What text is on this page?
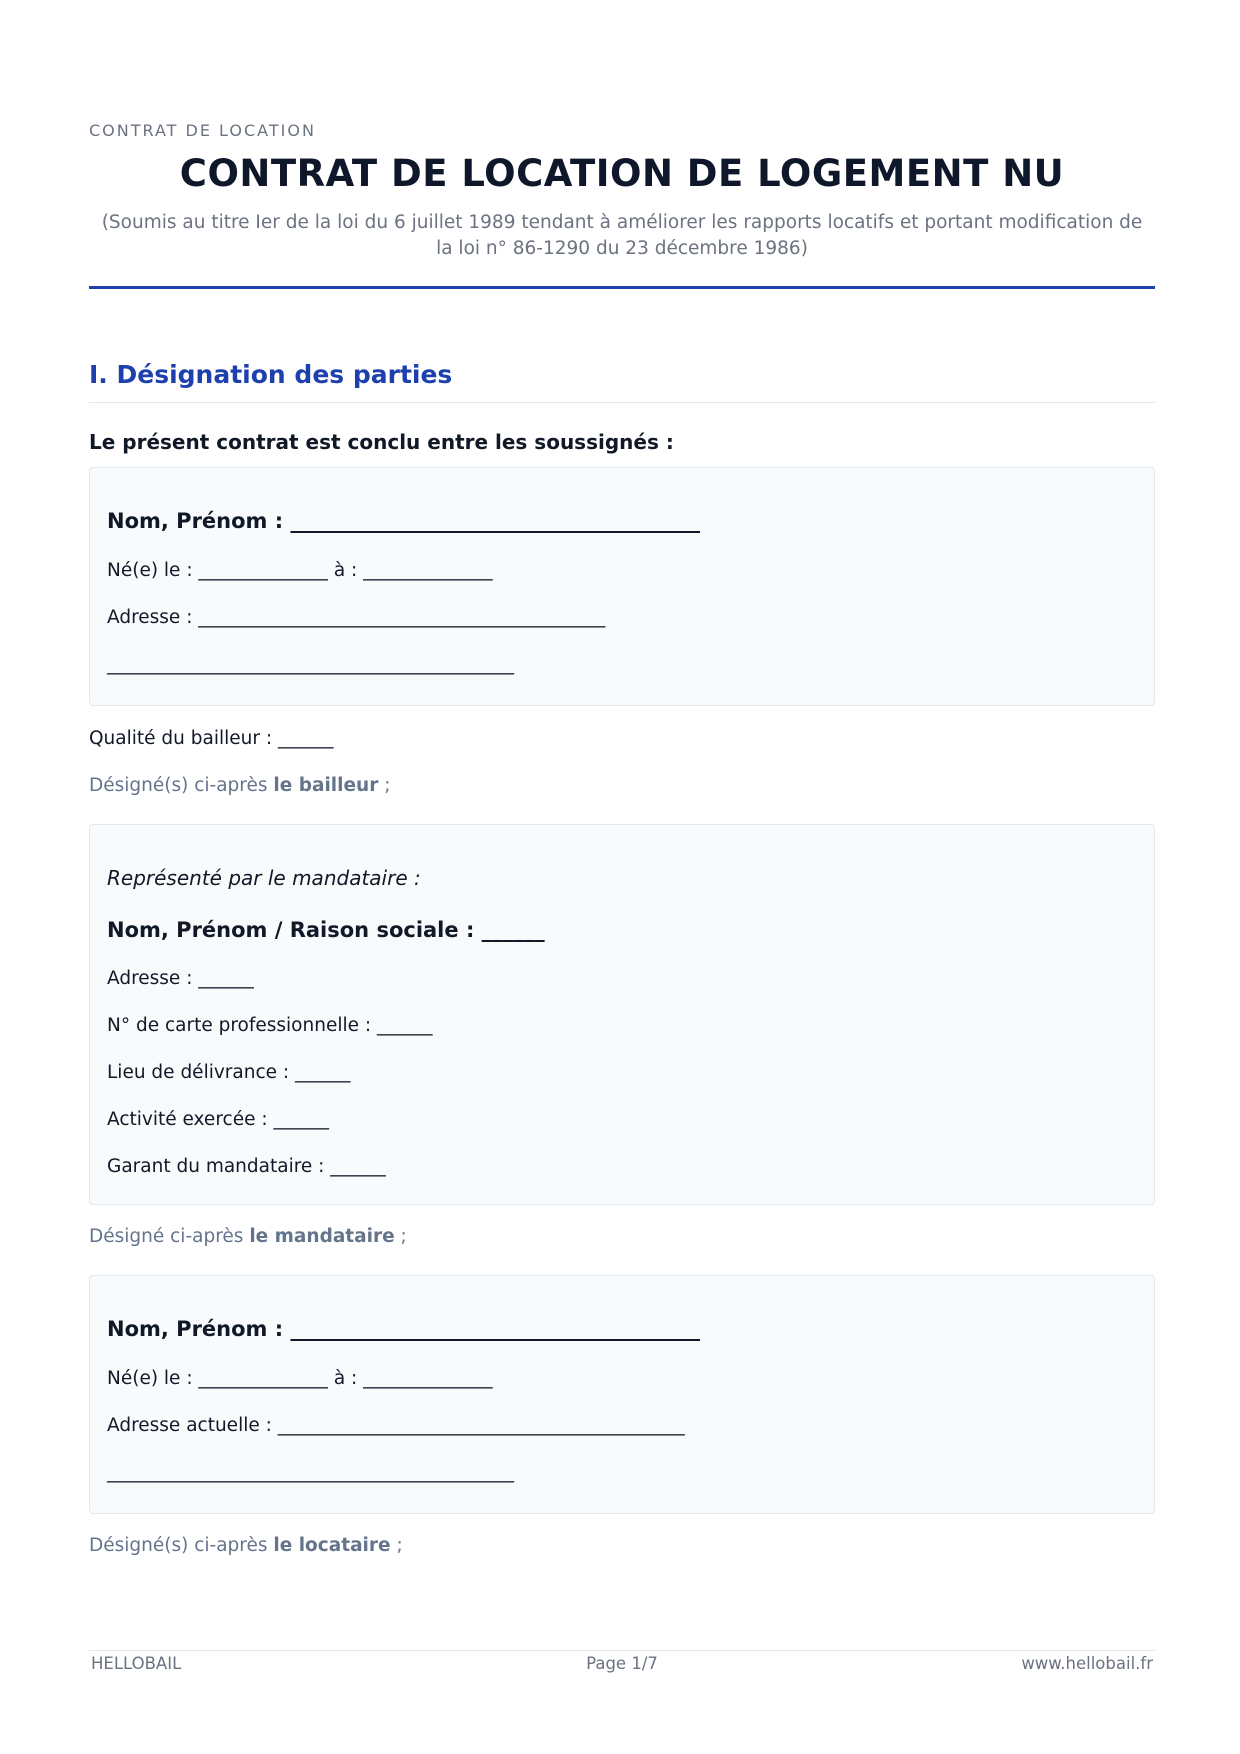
CONTRAT DE LOCATION
CONTRAT DE LOCATION DE LOGEMENT NU
(Soumis au titre Ier de la loi du 6 juillet 1989 tendant à améliorer les rapports locatifs et portant modification de
la loi n° 86-1290 du 23 décembre 1986)
I. Désignation des parties
Le présent contrat est conclu entre les soussignés :
Nom, Prénom : _______________________________________
Né(e) le : ______________ à : ______________
Adresse : ____________________________________________
____________________________________________
Qualité du bailleur : ______
Désigné(s) ci-après le bailleur ;
Représenté par le mandataire :
Nom, Prénom / Raison sociale : ______
Adresse : ______
N° de carte professionnelle : ______
Lieu de délivrance : ______
Activité exercée : ______
Garant du mandataire : ______
Désigné ci-après le mandataire ;
Nom, Prénom : _______________________________________
Né(e) le : ______________ à : ______________
Adresse actuelle : ____________________________________________
____________________________________________
Désigné(s) ci-après le locataire ;
HELLOBAIL	Page 1/7	www.hellobail.fr
